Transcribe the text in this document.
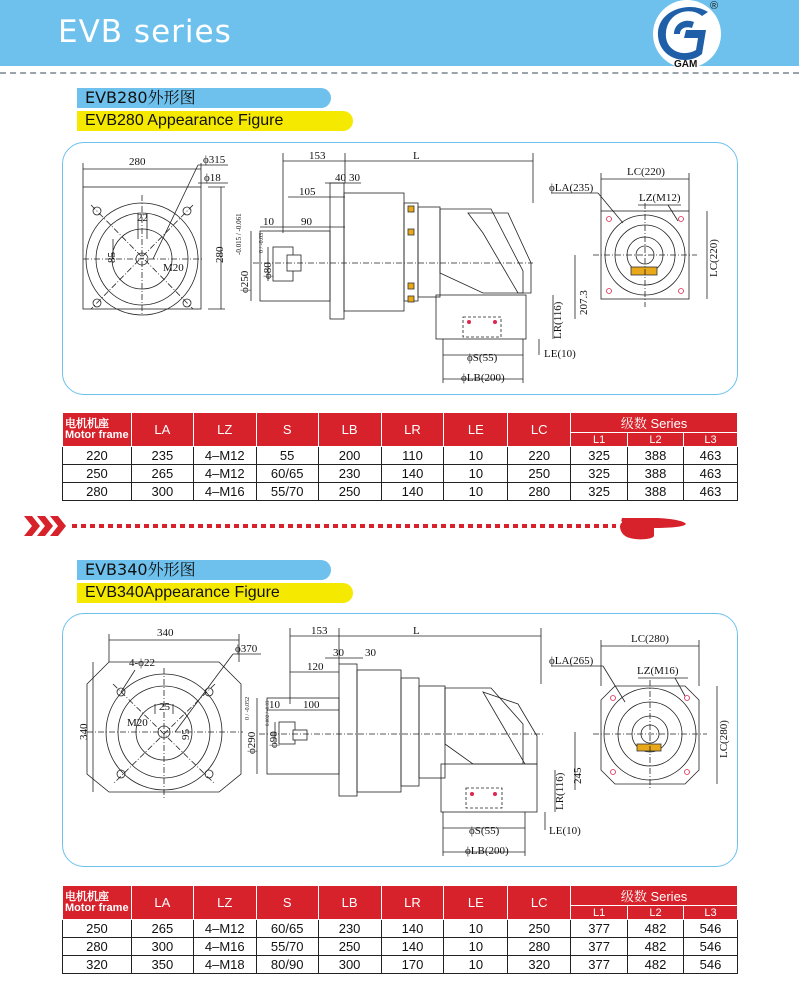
EVB series
GAM
®
EVB280外形图
EVB280 Appearance Figure
280	ϕ315
ϕ18
22
M20
85	280
153	L
105
40 30
10 90
ϕ250
-0.015 / -0.061
ϕ80
0 / -0.03
207.3
LR(116)
LE(10)
ϕS(55)
ϕLB(200)
LC(220)
ϕLA(235)
LZ(M12)
LC(220)
电机机座
Motor frame	LA	LZ	S	LB	LR	LE	LC	级数 Series		
								L1	L2	L3
220	235	4–M12	55	200	110	10	220	325	388	463
250	265	4–M12	60/65	230	140	10	250	325	388	463
280	300	4–M16	55/70	250	140	10	280	325	388	463
EVB340外形图
EVB340Appearance Figure
340
ϕ370
4-ϕ22
25
M20
95
340
153	L
120
30 30
10 100
ϕ290
0 / -0.052
ϕ90
0.002 / -0.03
245
LR(116)
LE(10)
ϕS(55)
ϕLB(200)
LC(280)
ϕLA(265)
LZ(M16)
LC(280)
电机机座
Motor frame	LA	LZ	S	LB	LR	LE	LC	级数 Series		
								L1	L2	L3
250	265	4–M12	60/65	230	140	10	250	377	482	546
280	300	4–M16	55/70	250	140	10	280	377	482	546
320	350	4–M18	80/90	300	170	10	320	377	482	546
